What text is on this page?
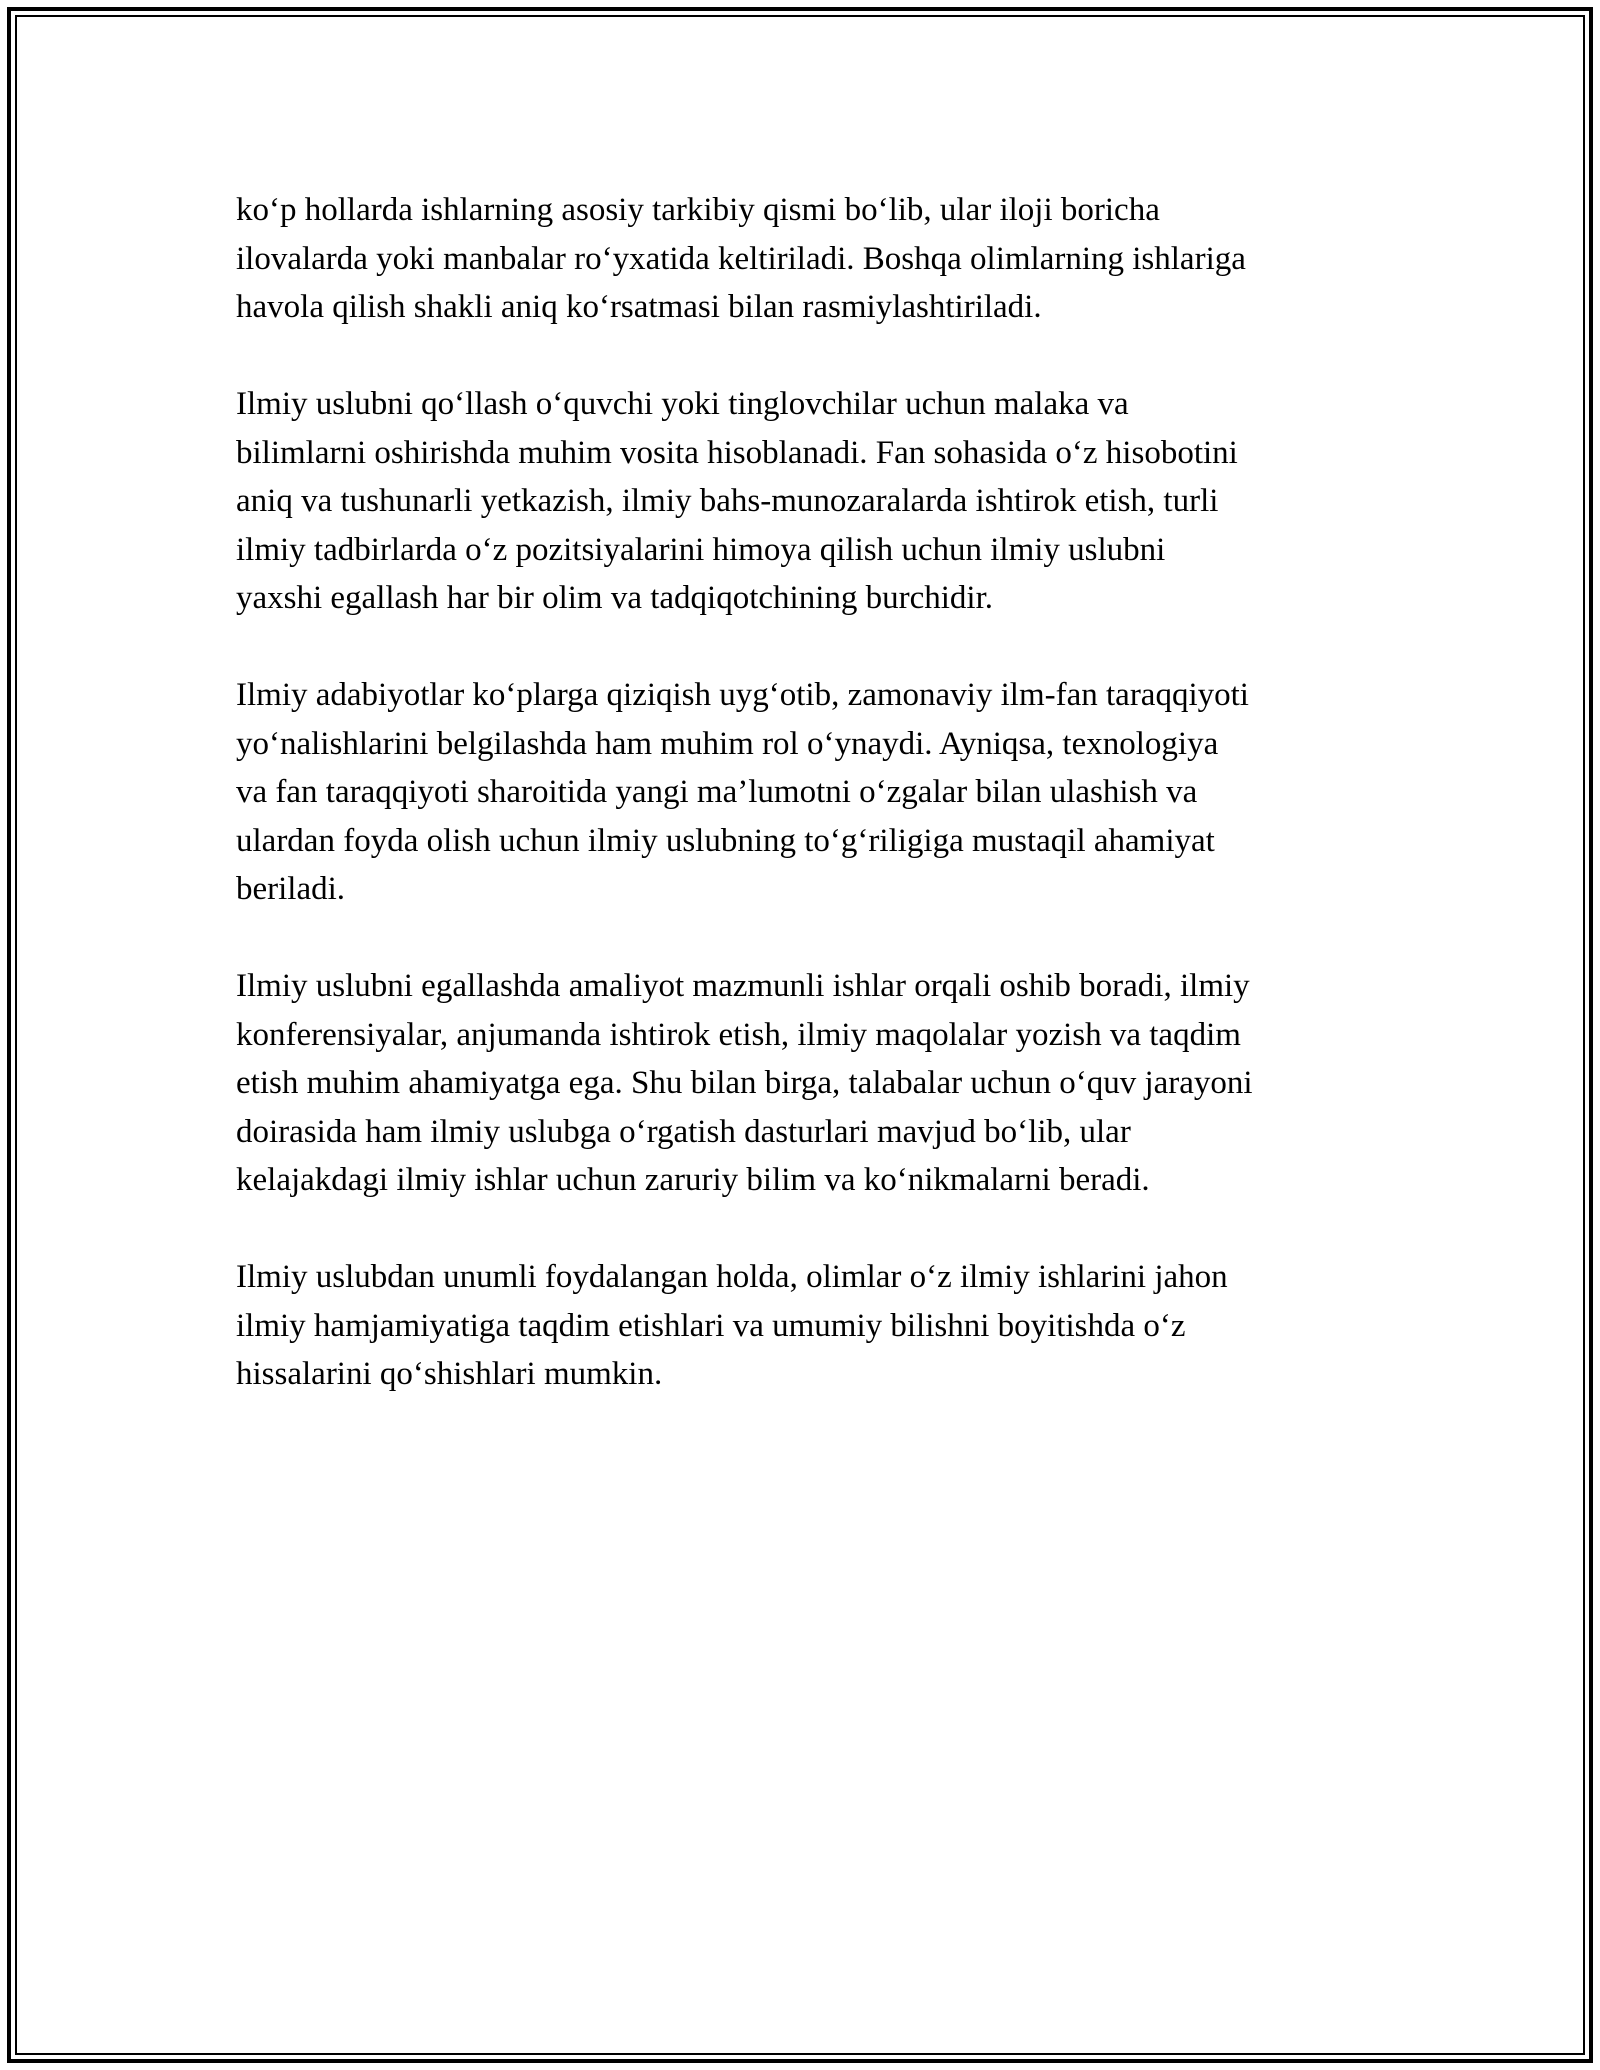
ko‘p hollarda ishlarning asosiy tarkibiy qismi bo‘lib, ular iloji boricha
ilovalarda yoki manbalar ro‘yxatida keltiriladi. Boshqa olimlarning ishlariga
havola qilish shakli aniq ko‘rsatmasi bilan rasmiylashtiriladi.

Ilmiy uslubni qo‘llash o‘quvchi yoki tinglovchilar uchun malaka va
bilimlarni oshirishda muhim vosita hisoblanadi. Fan sohasida o‘z hisobotini
aniq va tushunarli yetkazish, ilmiy bahs-munozaralarda ishtirok etish, turli
ilmiy tadbirlarda o‘z pozitsiyalarini himoya qilish uchun ilmiy uslubni
yaxshi egallash har bir olim va tadqiqotchining burchidir.

Ilmiy adabiyotlar ko‘plarga qiziqish uyg‘otib, zamonaviy ilm-fan taraqqiyoti
yo‘nalishlarini belgilashda ham muhim rol o‘ynaydi. Ayniqsa, texnologiya
va fan taraqqiyoti sharoitida yangi ma’lumotni o‘zgalar bilan ulashish va
ulardan foyda olish uchun ilmiy uslubning to‘g‘riligiga mustaqil ahamiyat
beriladi.

Ilmiy uslubni egallashda amaliyot mazmunli ishlar orqali oshib boradi, ilmiy
konferensiyalar, anjumanda ishtirok etish, ilmiy maqolalar yozish va taqdim
etish muhim ahamiyatga ega. Shu bilan birga, talabalar uchun o‘quv jarayoni
doirasida ham ilmiy uslubga o‘rgatish dasturlari mavjud bo‘lib, ular
kelajakdagi ilmiy ishlar uchun zaruriy bilim va ko‘nikmalarni beradi.

Ilmiy uslubdan unumli foydalangan holda, olimlar o‘z ilmiy ishlarini jahon
ilmiy hamjamiyatiga taqdim etishlari va umumiy bilishni boyitishda o‘z
hissalarini qo‘shishlari mumkin.
